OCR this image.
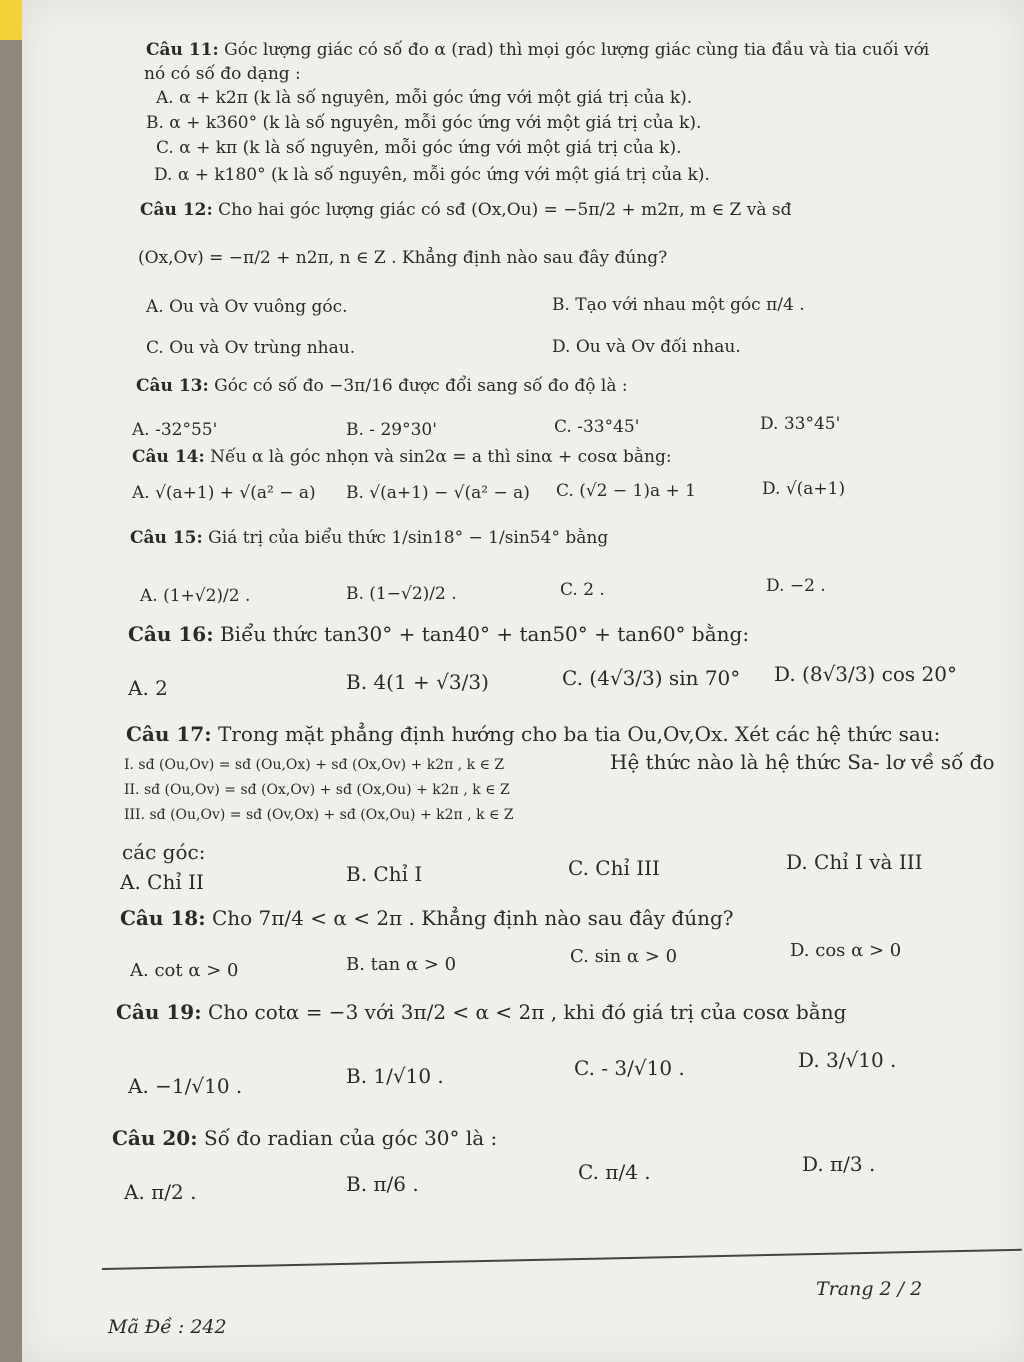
Câu 11: Góc lượng giác có số đo α (rad) thì mọi góc lượng giác cùng tia đầu và tia cuối với
nó có số đo dạng :
A. α + k2π (k là số nguyên, mỗi góc ứng với một giá trị của k).
B. α + k360° (k là số nguyên, mỗi góc ứng với một giá trị của k).
C. α + kπ (k là số nguyên, mỗi góc ứng với một giá trị của k).
D. α + k180° (k là số nguyên, mỗi góc ứng với một giá trị của k).
Câu 12: Cho hai góc lượng giác có sđ (Ox,Ou) = −5π/2 + m2π, m ∈ Z và sđ
(Ox,Ov) = −π/2 + n2π, n ∈ Z . Khẳng định nào sau đây đúng?
A. Ou và Ov vuông góc.	B. Tạo với nhau một góc π/4 .
C. Ou và Ov trùng nhau.	D. Ou và Ov đối nhau.
Câu 13: Góc có số đo −3π/16 được đổi sang số đo độ là :
A. -32°55'	B. - 29°30'	C. -33°45'	D. 33°45'
Câu 14: Nếu α là góc nhọn và sin2α = a thì sinα + cosα bằng:
A. √(a+1) + √(a² − a) B. √(a+1) − √(a² − a) C. (√2 − 1)a + 1	D. √(a+1)
Câu 15: Giá trị của biểu thức 1/sin18° − 1/sin54° bằng
A. (1+√2)/2 .	B. (1−√2)/2 .	C. 2 .	D. −2 .
Câu 16: Biểu thức tan30° + tan40° + tan50° + tan60° bằng:
A. 2	B. 4(1 + √3/3)	C. (4√3/3) sin 70° D. (8√3/3) cos 20°
Câu 17: Trong mặt phẳng định hướng cho ba tia Ou,Ov,Ox. Xét các hệ thức sau:
I. sđ (Ou,Ov) = sđ (Ou,Ox) + sđ (Ox,Ov) + k2π , k ∈ Z
II. sđ (Ou,Ov) = sđ (Ox,Ov) + sđ (Ox,Ou) + k2π , k ∈ Z
III. sđ (Ou,Ov) = sđ (Ov,Ox) + sđ (Ox,Ou) + k2π , k ∈ Z
Hệ thức nào là hệ thức Sa- lơ về số đo
các góc:
A. Chỉ II	B. Chỉ I	C. Chỉ III	D. Chỉ I và III
Câu 18: Cho 7π/4 < α < 2π . Khẳng định nào sau đây đúng?
A. cot α > 0	B. tan α > 0	C. sin α > 0	D. cos α > 0
Câu 19: Cho cotα = −3 với 3π/2 < α < 2π , khi đó giá trị của cosα bằng
A. −1/√10 .	B. 1/√10 .	C. - 3/√10 .	D. 3/√10 .
Câu 20: Số đo radian của góc 30° là :
A. π/2 .	B. π/6 .	C. π/4 .	D. π/3 .
Trang 2 / 2
Mã Đề : 242
